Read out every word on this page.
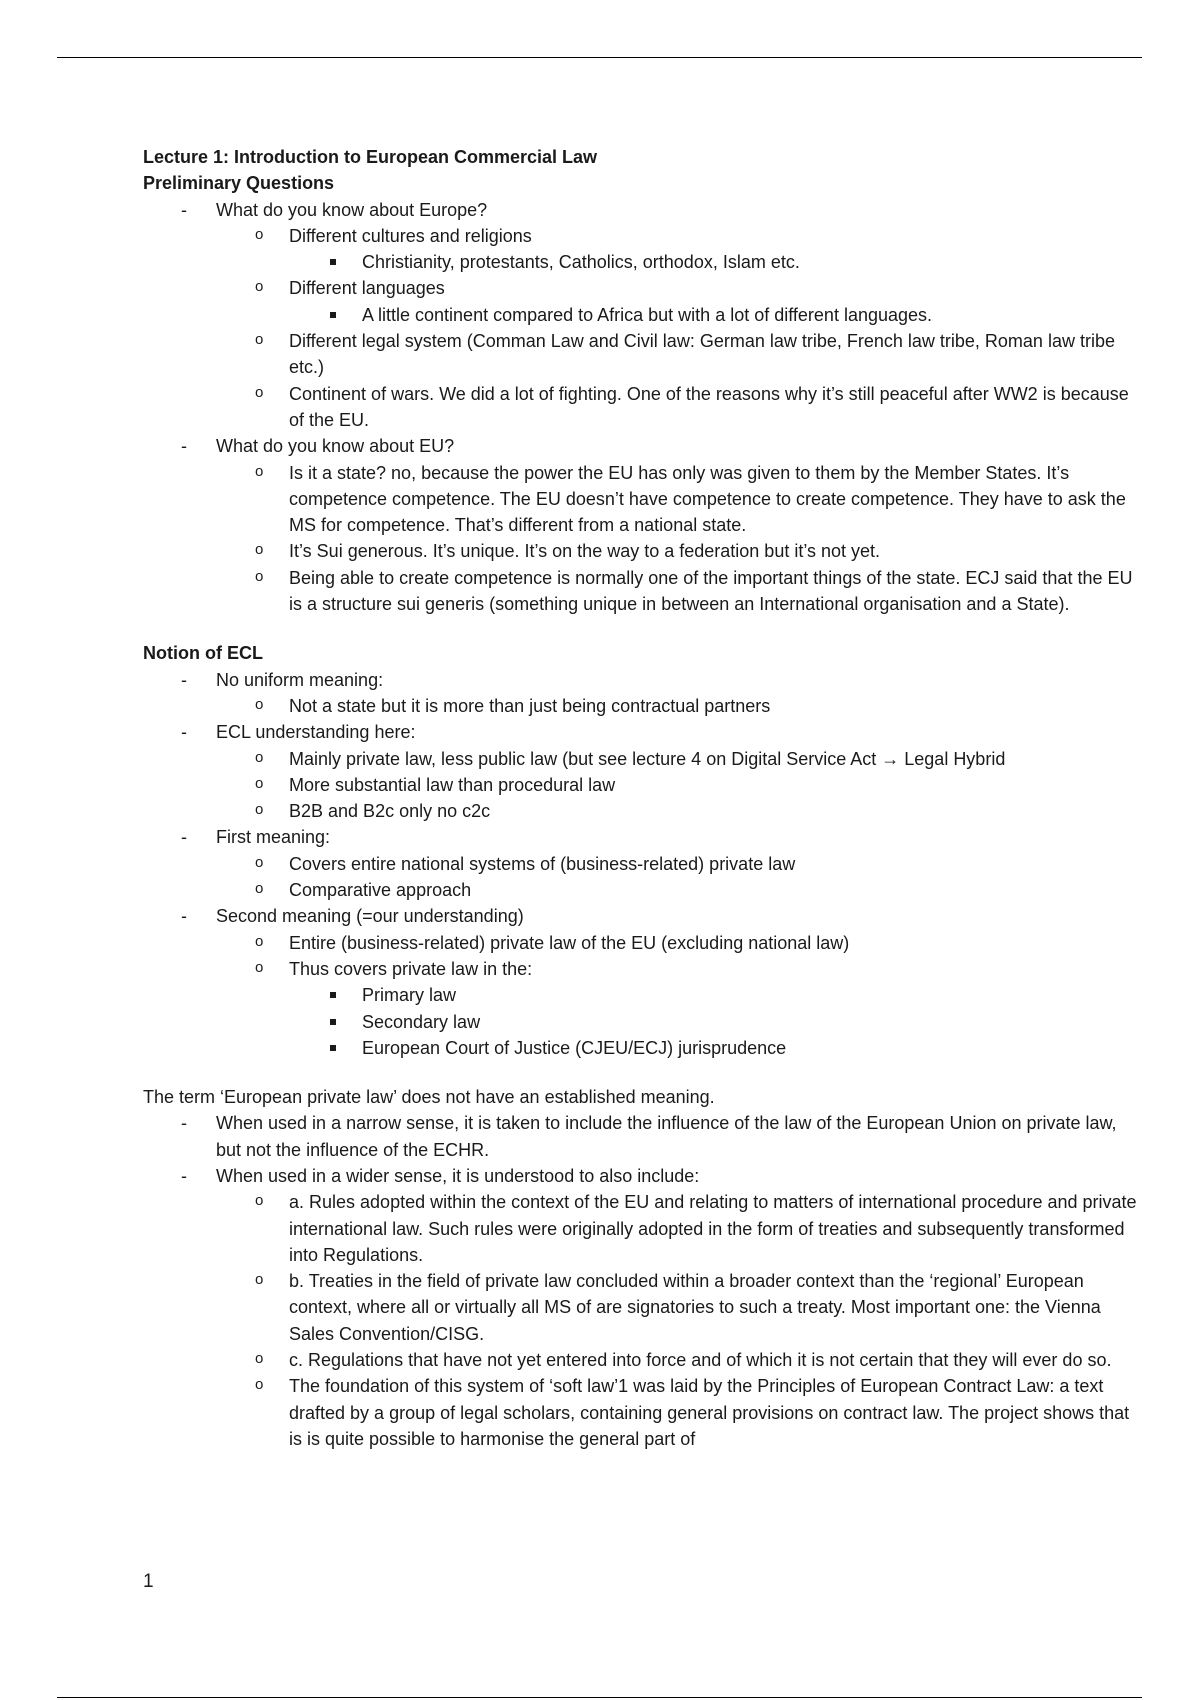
Lecture 1: Introduction to European Commercial Law

Preliminary Questions

- What do you know about Europe?
o Different cultures and religions
Christianity, protestants, Catholics, orthodox, Islam etc.
o Different languages
A little continent compared to Africa but with a lot of different languages.
o Different legal system (Comman Law and Civil law: German law tribe, French law tribe, Roman law tribe etc.)
o Continent of wars. We did a lot of fighting. One of the reasons why it’s still peaceful after WW2 is because of the EU.
- What do you know about EU?
o Is it a state? no, because the power the EU has only was given to them by the Member States. It’s competence competence. The EU doesn’t have competence to create competence. They have to ask the MS for competence. That’s different from a national state.
o It’s Sui generous. It’s unique. It’s on the way to a federation but it’s not yet.
o Being able to create competence is normally one of the important things of the state. ECJ said that the EU is a structure sui generis (something unique in between an International organisation and a State).

Notion of ECL

- No uniform meaning:
o Not a state but it is more than just being contractual partners
- ECL understanding here:
o Mainly private law, less public law (but see lecture 4 on Digital Service Act → Legal Hybrid
o More substantial law than procedural law
o B2B and B2c only no c2c
- First meaning:
o Covers entire national systems of (business-related) private law
o Comparative approach
- Second meaning (=our understanding)
o Entire (business-related) private law of the EU (excluding national law)
o Thus covers private law in the:
Primary law
Secondary law
European Court of Justice (CJEU/ECJ) jurisprudence

The term ‘European private law’ does not have an established meaning.

- When used in a narrow sense, it is taken to include the influence of the law of the European Union on private law, but not the influence of the ECHR.
- When used in a wider sense, it is understood to also include:
o a. Rules adopted within the context of the EU and relating to matters of international procedure and private international law. Such rules were originally adopted in the form of treaties and subsequently transformed into Regulations.
o b. Treaties in the field of private law concluded within a broader context than the ‘regional’ European context, where all or virtually all MS of are signatories to such a treaty. Most important one: the Vienna Sales Convention/CISG.
o c. Regulations that have not yet entered into force and of which it is not certain that they will ever do so.
o The foundation of this system of ‘soft law’1 was laid by the Principles of European Contract Law: a text drafted by a group of legal scholars, containing general provisions on contract law. The project shows that is is quite possible to harmonise the general part of
1
